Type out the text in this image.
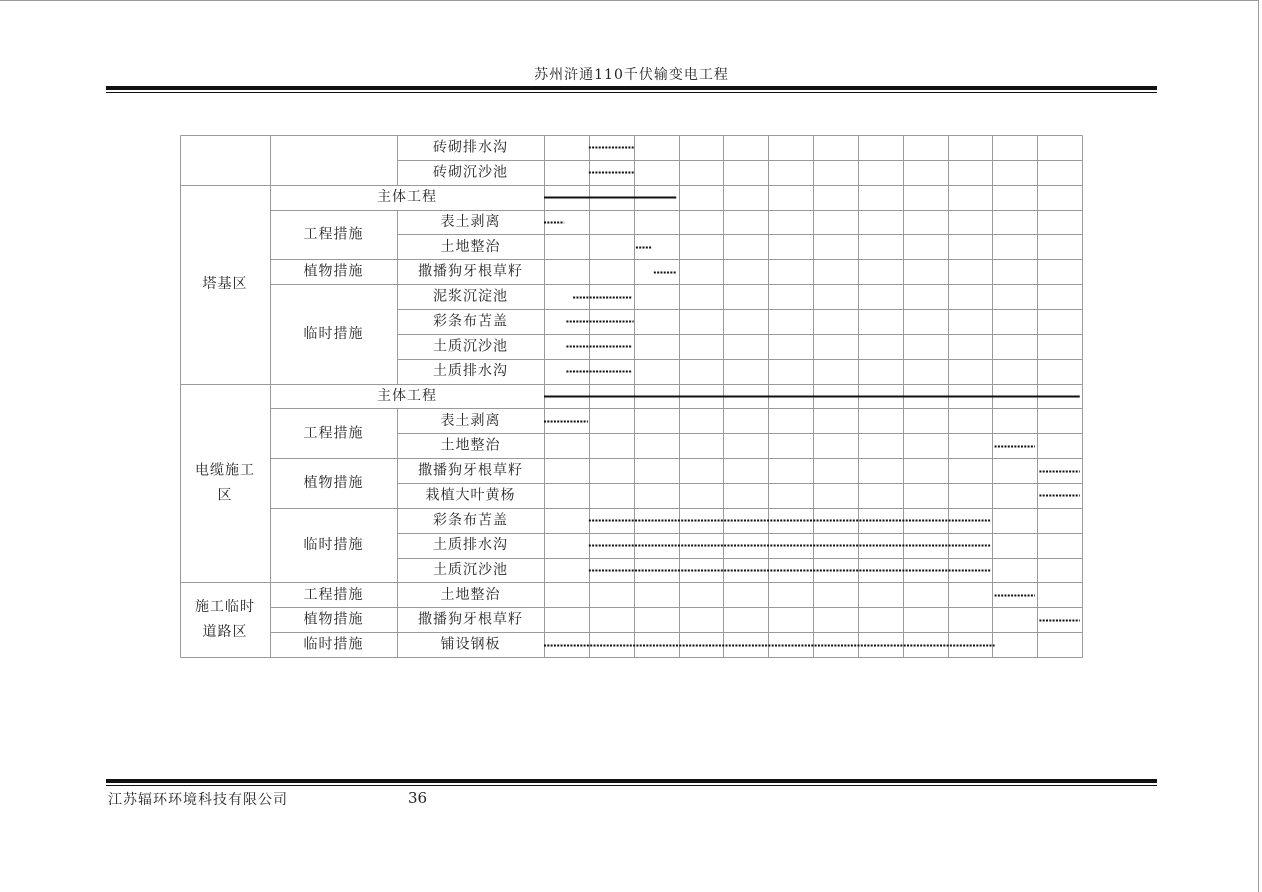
苏州浒通110千伏输变电工程
塔基区
电缆施工
区
施工临时
道路区
主体工程
工程措施
植物措施
临时措施
主体工程
工程措施
植物措施
临时措施
工程措施
植物措施
临时措施
砖砌排水沟
砖砌沉沙池
表土剥离
土地整治
撒播狗牙根草籽
泥浆沉淀池
彩条布苫盖
土质沉沙池
土质排水沟
表土剥离
土地整治
撒播狗牙根草籽
栽植大叶黄杨
彩条布苫盖
土质排水沟
土质沉沙池
土地整治
撒播狗牙根草籽
铺设钢板
江苏辐环环境科技有限公司	36
